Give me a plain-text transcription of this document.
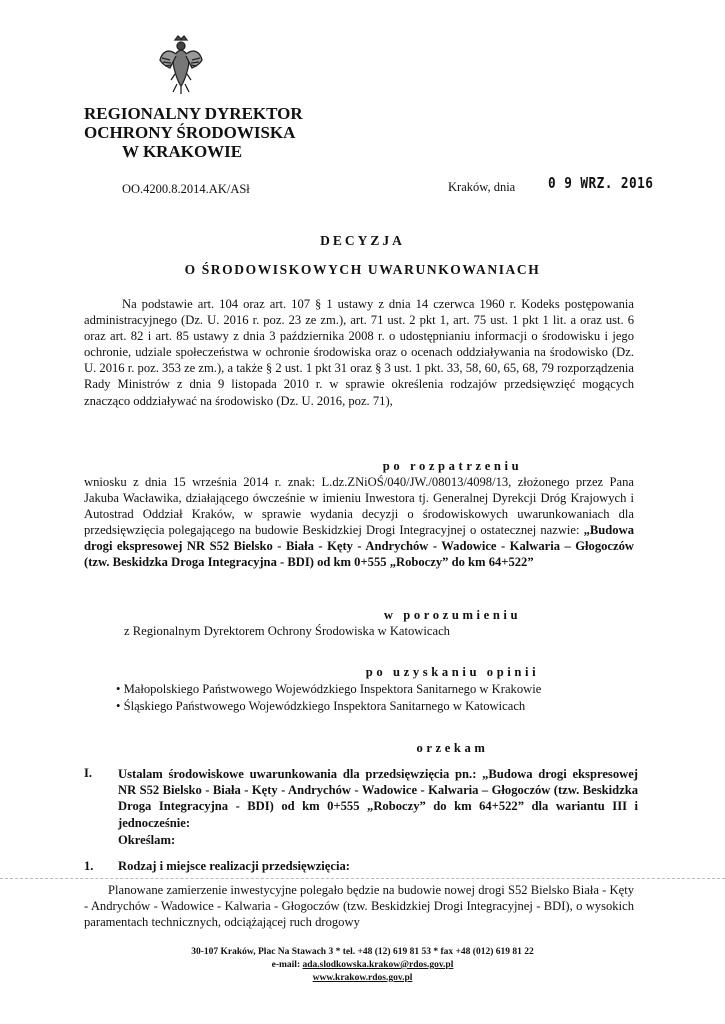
REGIONALNY DYREKTOR
OCHRONY ŚRODOWISKA
W KRAKOWIE
OO.4200.8.2014.AK/ASł	Kraków, dnia 0 9 WRZ. 2016
DECYZJA
O ŚRODOWISKOWYCH UWARUNKOWANIACH
Na podstawie art. 104 oraz art. 107 § 1 ustawy z dnia 14 czerwca 1960 r. Kodeks postępowania administracyjnego (Dz. U. 2016 r. poz. 23 ze zm.), art. 71 ust. 2 pkt 1, art. 75 ust. 1 pkt 1 lit. a oraz ust. 6 oraz art. 82 i art. 85 ustawy z dnia 3 października 2008 r. o udostępnianiu informacji o środowisku i jego ochronie, udziale społeczeństwa w ochronie środowiska oraz o ocenach oddziaływania na środowisko (Dz. U. 2016 r. poz. 353 ze zm.), a także § 2 ust. 1 pkt 31 oraz § 3 ust. 1 pkt. 33, 58, 60, 65, 68, 79 rozporządzenia Rady Ministrów z dnia 9 listopada 2010 r. w sprawie określenia rodzajów przedsięwzięć mogących znacząco oddziaływać na środowisko (Dz. U. 2016, poz. 71),
po rozpatrzeniu
wniosku z dnia 15 września 2014 r. znak: L.dz.ZNiOŚ/040/JW./08013/4098/13, złożonego przez Pana Jakuba Wacławika, działającego ówcześnie w imieniu Inwestora tj. Generalnej Dyrekcji Dróg Krajowych i Autostrad Oddział Kraków, w sprawie wydania decyzji o środowiskowych uwarunkowaniach dla przedsięwzięcia polegającego na budowie Beskidzkiej Drogi Integracyjnej o ostatecznej nazwie: „Budowa drogi ekspresowej NR S52 Bielsko - Biała - Kęty - Andrychów - Wadowice - Kalwaria – Głogoczów (tzw. Beskidzka Droga Integracyjna - BDI) od km 0+555 „Roboczy” do km 64+522”
w porozumieniu
z Regionalnym Dyrektorem Ochrony Środowiska w Katowicach
po uzyskaniu opinii
• Małopolskiego Państwowego Wojewódzkiego Inspektora Sanitarnego w Krakowie
• Śląskiego Państwowego Wojewódzkiego Inspektora Sanitarnego w Katowicach
orzekam
I. Ustalam środowiskowe uwarunkowania dla przedsięwzięcia pn.: „Budowa drogi ekspresowej NR S52 Bielsko - Biała - Kęty - Andrychów - Wadowice - Kalwaria – Głogoczów (tzw. Beskidzka Droga Integracyjna - BDI) od km 0+555 „Roboczy” do km 64+522” dla wariantu III i jednocześnie:
Określam:
1. Rodzaj i miejsce realizacji przedsięwzięcia:
Planowane zamierzenie inwestycyjne polegało będzie na budowie nowej drogi S52 Bielsko Biała - Kęty - Andrychów - Wadowice - Kalwaria - Głogoczów (tzw. Beskidzkiej Drogi Integracyjnej - BDI), o wysokich paramentach technicznych, odciążającej ruch drogowy
30-107 Kraków, Plac Na Stawach 3 * tel. +48 (12) 619 81 53 * fax +48 (012) 619 81 22
e-mail: ada.slodkowska.krakow@rdos.gov.pl
www.krakow.rdos.gov.pl
